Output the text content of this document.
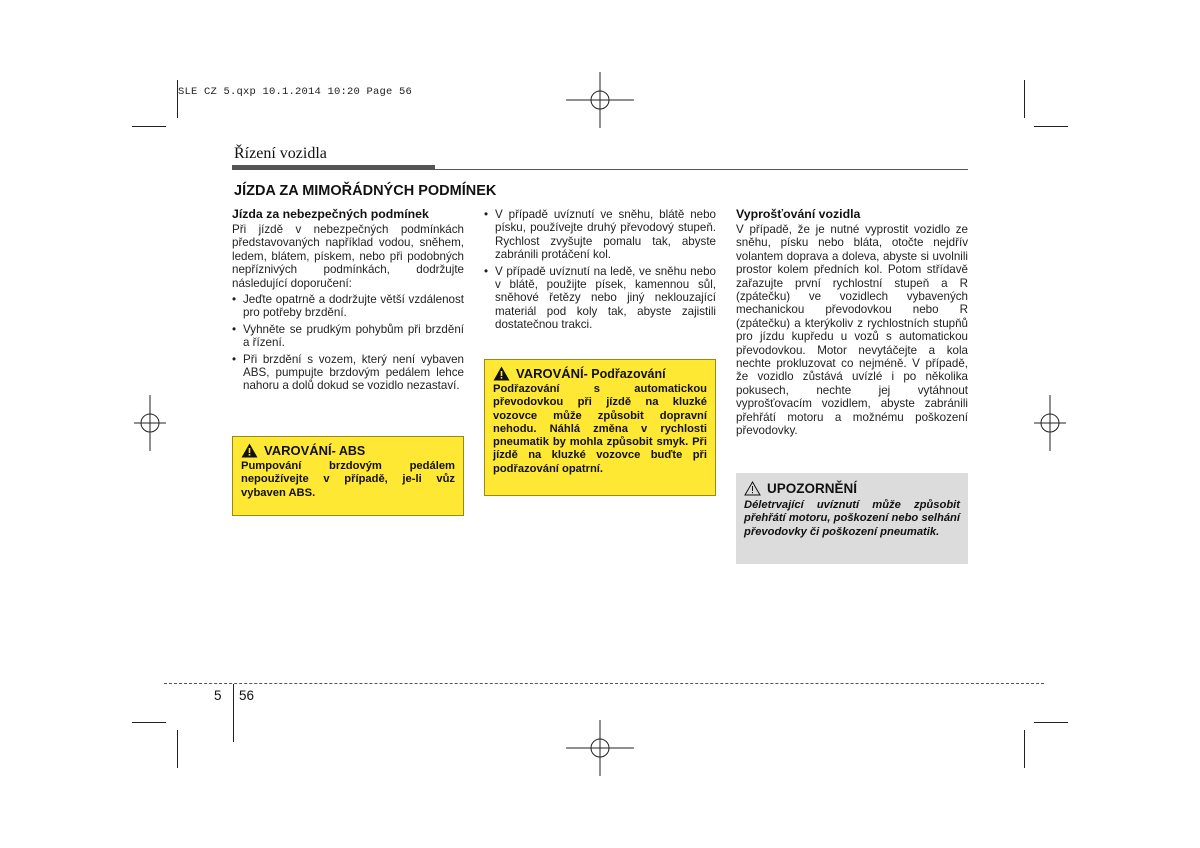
SLE CZ 5.qxp 10.1.2014 10:20 Page 56
Řízení vozidla
JÍZDA ZA MIMOŘÁDNÝCH PODMÍNEK
Jízda za nebezpečných podmínek

Při jízdě v nebezpečných podmínkách představovaných například vodou, sněhem, ledem, blátem, pískem, nebo při podobných nepříznivých podmínkách, dodržujte následující doporučení:

• Jeďte opatrně a dodržujte větší vzdálenost pro potřeby brzdění.
• Vyhněte se prudkým pohybům při brzdění a řízení.
• Při brzdění s vozem, který není vybaven ABS, pumpujte brzdovým pedálem lehce nahoru a dolů dokud se vozidlo nezastaví.
VAROVÁNÍ - ABS
Pumpování brzdovým pedálem nepoužívejte v případě, je-li vůz vybaven ABS.
• V případě uvíznutí ve sněhu, blátě nebo písku, používejte druhý převodový stupeň. Rychlost zvyšujte pomalu tak, abyste zabránili protáčení kol.
• V případě uvíznutí na ledě, ve sněhu nebo v blátě, použijte písek, kamennou sůl, sněhové řetězy nebo jiný neklouzající materiál pod koly tak, abyste zajistili dostatečnou trakci.
VAROVÁNÍ - Podřazování
Podřazování s automatickou převodovkou při jízdě na kluzké vozovce může způsobit dopravní nehodu. Náhlá změna v rychlosti pneumatik by mohla způsobit smyk. Při jízdě na kluzké vozovce buďte při podřazování opatrní.
Vyprošťování vozidla

V případě, že je nutné vyprostit vozidlo ze sněhu, písku nebo bláta, otočte nejdřív volantem doprava a doleva, abyste si uvolnili prostor kolem předních kol. Potom střídavě zařazujte první rychlostní stupeň a R (zpátečku) ve vozidlech vybavených mechanickou převodovkou nebo R (zpátečku) a kterýkoliv z rychlostních stupňů pro jízdu kupředu u vozů s automatickou převodovkou. Motor nevytáčejte a kola nechte prokluzovat co nejméně. V případě, že vozidlo zůstává uvízlé i po několika pokusech, nechte jej vytáhnout vyprošťovacím vozidlem, abyste zabránili přehřátí motoru a možnému poškození převodovky.

UPOZORNĚNÍ
Déletrvající uvíznutí může způsobit přehřátí motoru, poškození nebo selhání převodovky či poškození pneumatik.
5 56
